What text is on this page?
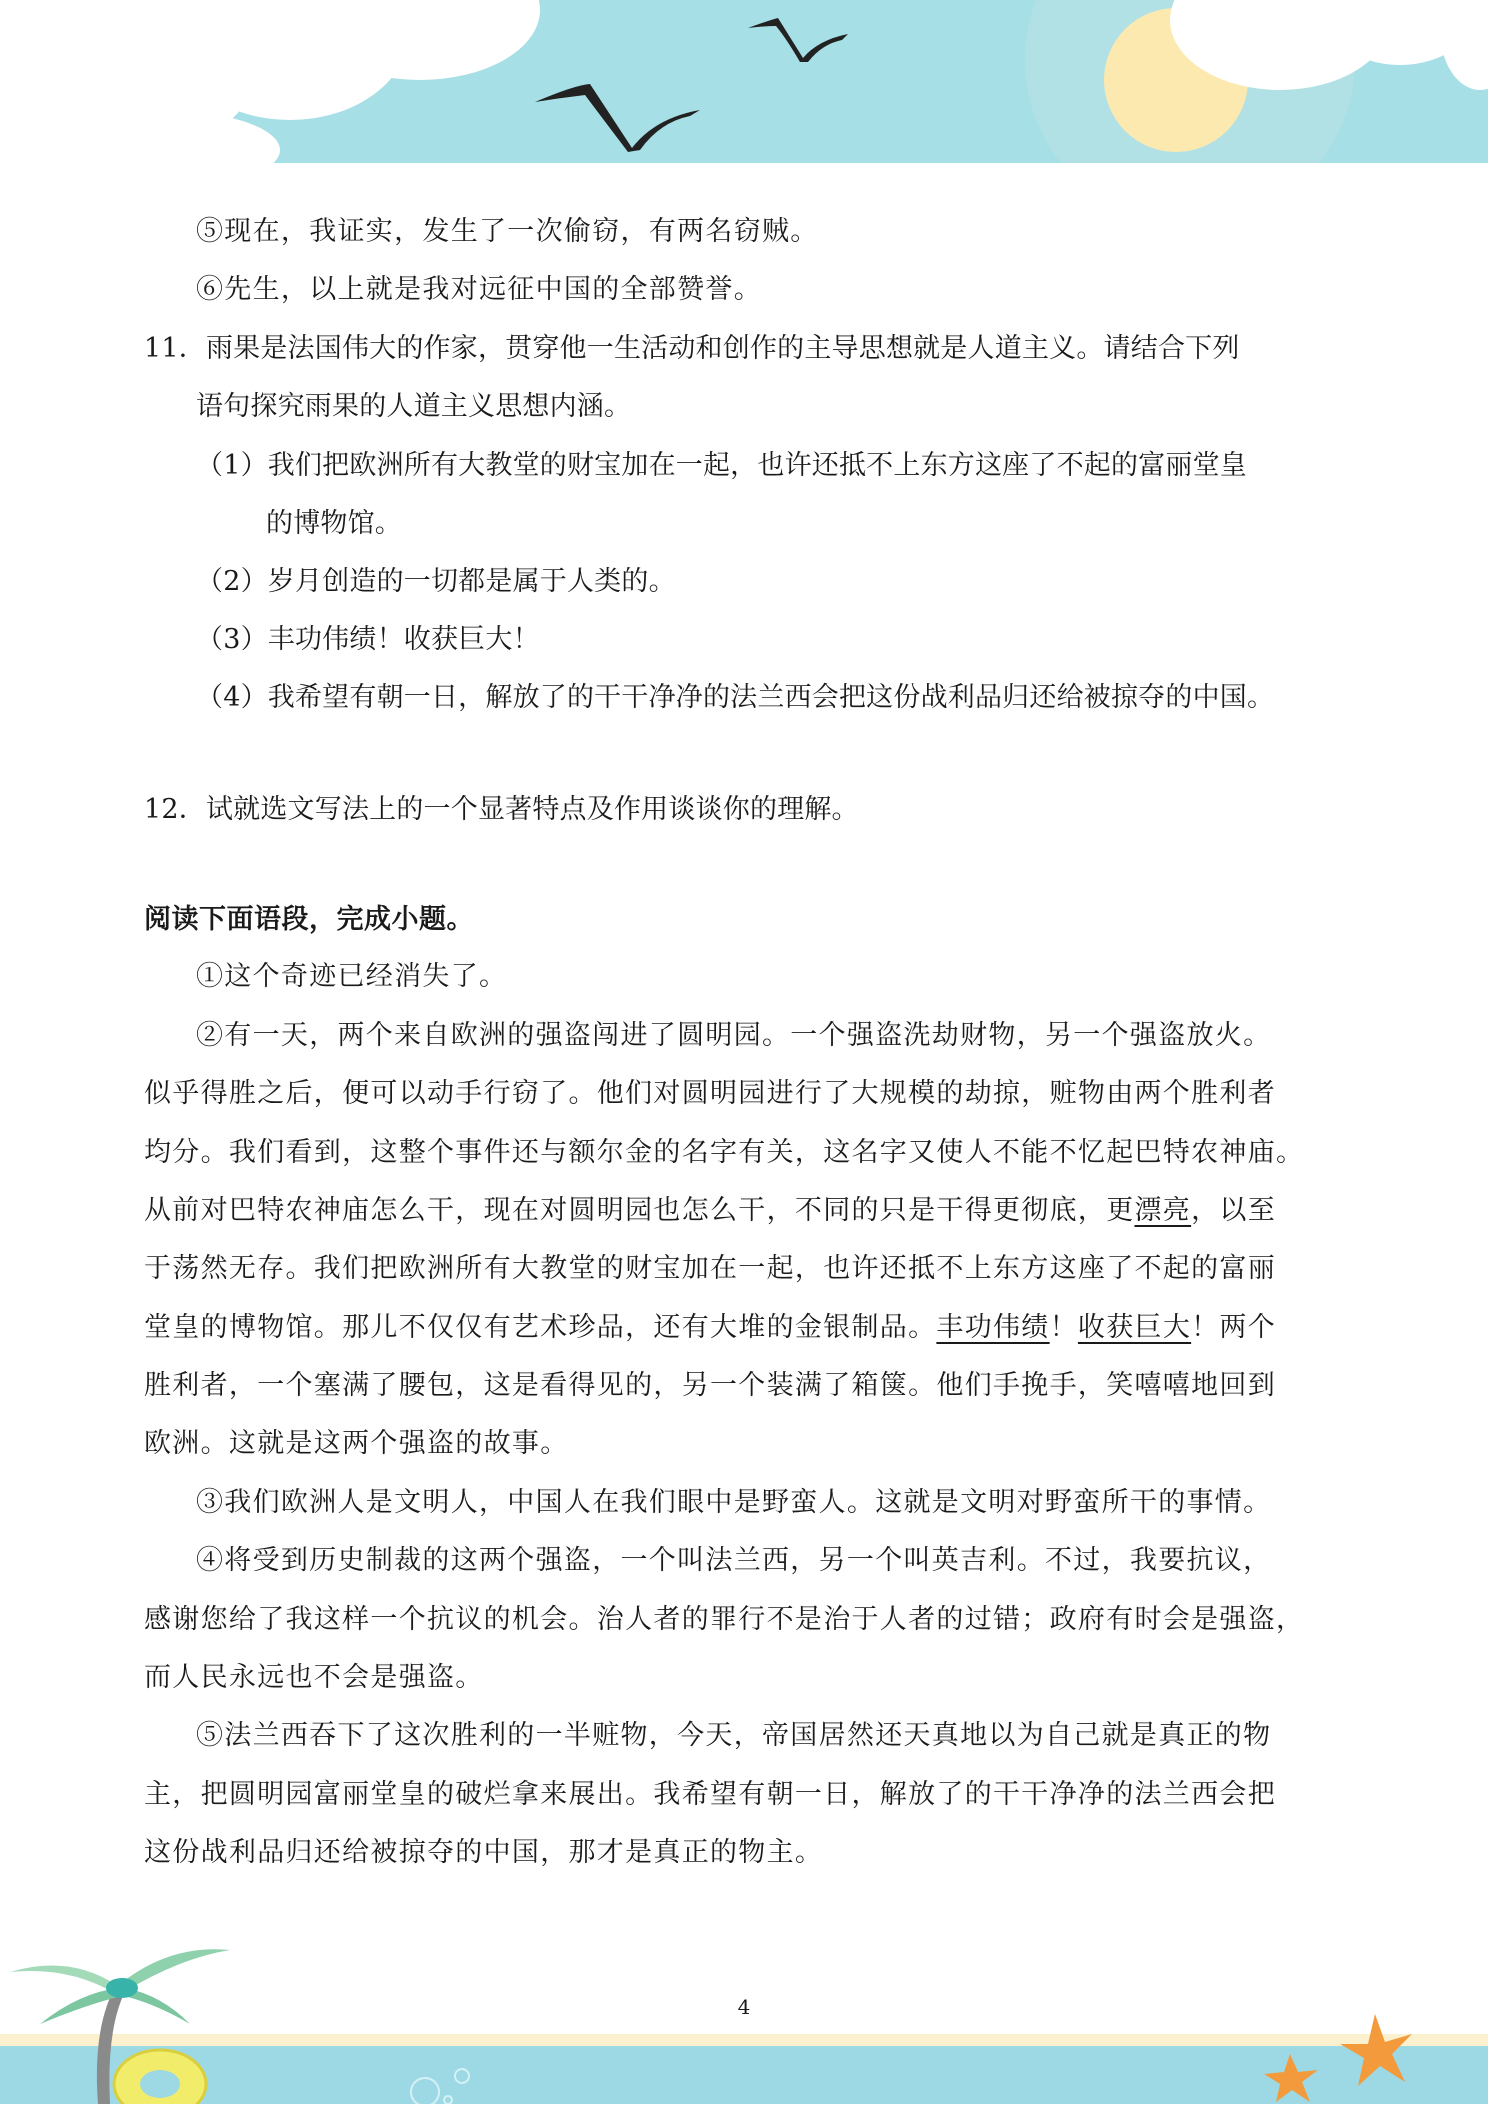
⑤现在，我证实，发生了一次偷窃，有两名窃贼。
⑥先生，以上就是我对远征中国的全部赞誉。
11．雨果是法国伟大的作家，贯穿他一生活动和创作的主导思想就是人道主义。请结合下列
语句探究雨果的人道主义思想内涵。
（1）我们把欧洲所有大教堂的财宝加在一起，也许还抵不上东方这座了不起的富丽堂皇
的博物馆。
（2）岁月创造的一切都是属于人类的。
（3）丰功伟绩！收获巨大！
（4）我希望有朝一日，解放了的干干净净的法兰西会把这份战利品归还给被掠夺的中国。
12．试就选文写法上的一个显著特点及作用谈谈你的理解。
阅读下面语段，完成小题。
①这个奇迹已经消失了。
②有一天，两个来自欧洲的强盗闯进了圆明园。一个强盗洗劫财物，另一个强盗放火。
似乎得胜之后，便可以动手行窃了。他们对圆明园进行了大规模的劫掠，赃物由两个胜利者
均分。我们看到，这整个事件还与额尔金的名字有关，这名字又使人不能不忆起巴特农神庙。
从前对巴特农神庙怎么干，现在对圆明园也怎么干，不同的只是干得更彻底，更漂亮，以至
于荡然无存。我们把欧洲所有大教堂的财宝加在一起，也许还抵不上东方这座了不起的富丽
堂皇的博物馆。那儿不仅仅有艺术珍品，还有大堆的金银制品。丰功伟绩！收获巨大！两个
胜利者，一个塞满了腰包，这是看得见的，另一个装满了箱箧。他们手挽手，笑嘻嘻地回到
欧洲。这就是这两个强盗的故事。
③我们欧洲人是文明人，中国人在我们眼中是野蛮人。这就是文明对野蛮所干的事情。
④将受到历史制裁的这两个强盗，一个叫法兰西，另一个叫英吉利。不过，我要抗议，
感谢您给了我这样一个抗议的机会。治人者的罪行不是治于人者的过错；政府有时会是强盗，
而人民永远也不会是强盗。
⑤法兰西吞下了这次胜利的一半赃物，今天，帝国居然还天真地以为自己就是真正的物
主，把圆明园富丽堂皇的破烂拿来展出。我希望有朝一日，解放了的干干净净的法兰西会把
这份战利品归还给被掠夺的中国，那才是真正的物主。
4
